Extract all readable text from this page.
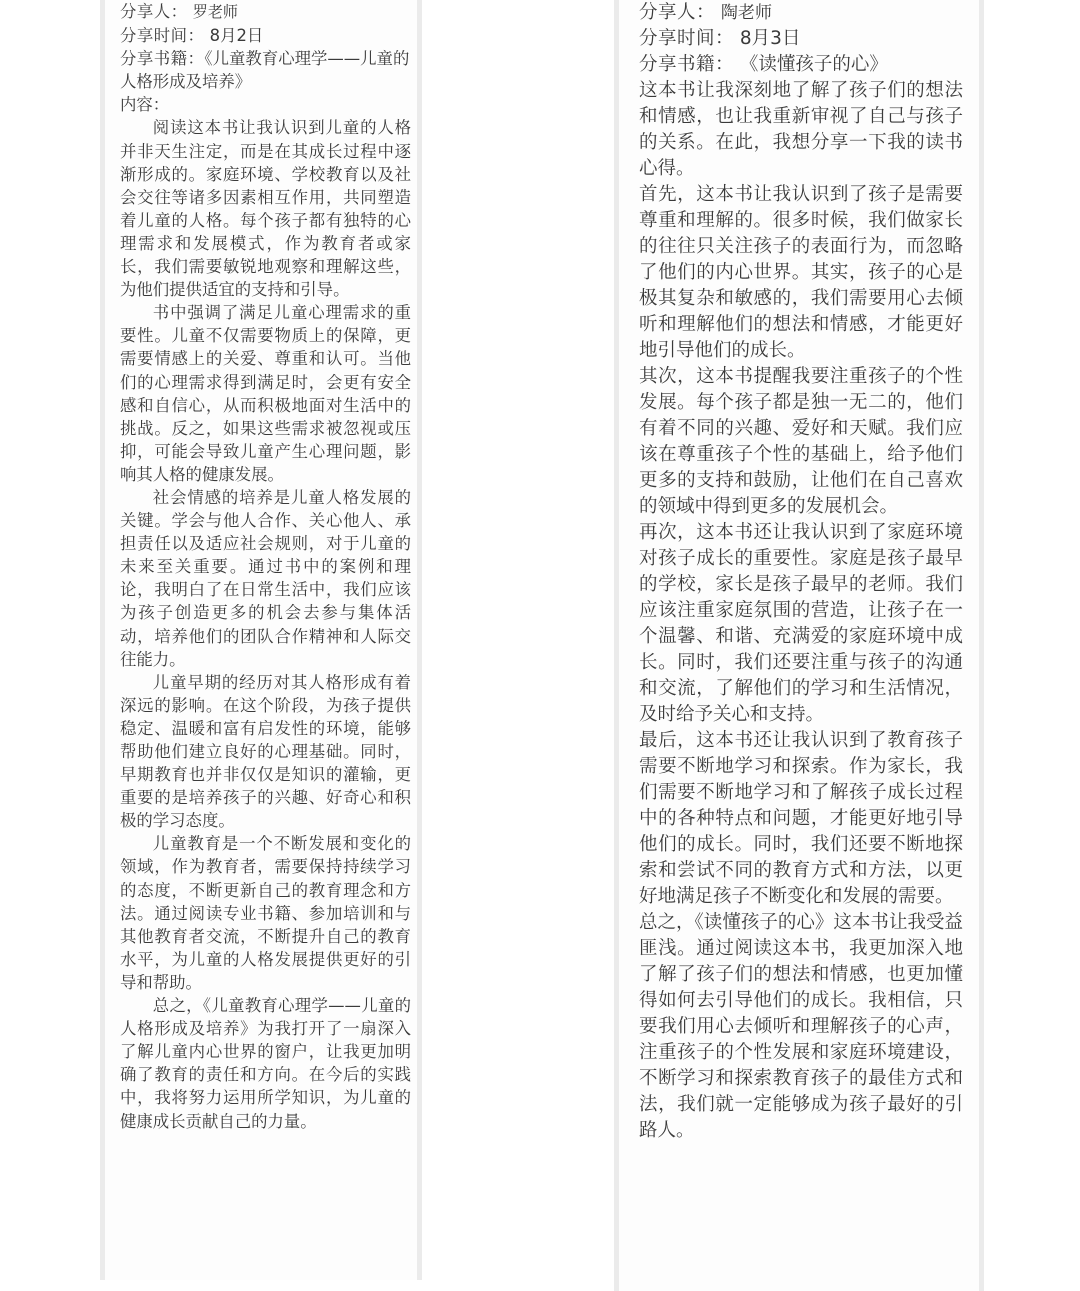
分享人： 罗老师

分享时间： 8月2日

分享书籍：《儿童教育心理学——儿童的人格形成及培养》

内容：

阅读这本书让我认识到儿童的人格并非天生注定，而是在其成长过程中逐渐形成的。家庭环境、学校教育以及社会交往等诸多因素相互作用，共同塑造着儿童的人格。每个孩子都有独特的心理需求和发展模式，作为教育者或家长，我们需要敏锐地观察和理解这些，为他们提供适宜的支持和引导。

书中强调了满足儿童心理需求的重要性。儿童不仅需要物质上的保障，更需要情感上的关爱、尊重和认可。当他们的心理需求得到满足时，会更有安全感和自信心，从而积极地面对生活中的挑战。反之，如果这些需求被忽视或压抑，可能会导致儿童产生心理问题，影响其人格的健康发展。

社会情感的培养是儿童人格发展的关键。学会与他人合作、关心他人、承担责任以及适应社会规则，对于儿童的未来至关重要。通过书中的案例和理论，我明白了在日常生活中，我们应该为孩子创造更多的机会去参与集体活动，培养他们的团队合作精神和人际交往能力。

儿童早期的经历对其人格形成有着深远的影响。在这个阶段，为孩子提供稳定、温暖和富有启发性的环境，能够帮助他们建立良好的心理基础。同时，早期教育也并非仅仅是知识的灌输，更重要的是培养孩子的兴趣、好奇心和积极的学习态度。

儿童教育是一个不断发展和变化的领域，作为教育者，需要保持持续学习的态度，不断更新自己的教育理念和方法。通过阅读专业书籍、参加培训和与其他教育者交流，不断提升自己的教育水平，为儿童的人格发展提供更好的引导和帮助。

总之，《儿童教育心理学——儿童的人格形成及培养》为我打开了一扇深入了解儿童内心世界的窗户，让我更加明确了教育的责任和方向。在今后的实践中，我将努力运用所学知识，为儿童的健康成长贡献自己的力量。

分享人： 陶老师

分享时间： 8月3日

分享书籍： 《读懂孩子的心》

这本书让我深刻地了解了孩子们的想法和情感，也让我重新审视了自己与孩子的关系。在此，我想分享一下我的读书心得。

首先，这本书让我认识到了孩子是需要尊重和理解的。很多时候，我们做家长的往往只关注孩子的表面行为，而忽略了他们的内心世界。其实，孩子的心是极其复杂和敏感的，我们需要用心去倾听和理解他们的想法和情感，才能更好地引导他们的成长。

其次，这本书提醒我要注重孩子的个性发展。每个孩子都是独一无二的，他们有着不同的兴趣、爱好和天赋。我们应该在尊重孩子个性的基础上，给予他们更多的支持和鼓励，让他们在自己喜欢的领域中得到更多的发展机会。

再次，这本书还让我认识到了家庭环境对孩子成长的重要性。家庭是孩子最早的学校，家长是孩子最早的老师。我们应该注重家庭氛围的营造，让孩子在一个温馨、和谐、充满爱的家庭环境中成长。同时，我们还要注重与孩子的沟通和交流，了解他们的学习和生活情况，及时给予关心和支持。

最后，这本书还让我认识到了教育孩子需要不断地学习和探索。作为家长，我们需要不断地学习和了解孩子成长过程中的各种特点和问题，才能更好地引导他们的成长。同时，我们还要不断地探索和尝试不同的教育方式和方法，以更好地满足孩子不断变化和发展的需要。

总之，《读懂孩子的心》这本书让我受益匪浅。通过阅读这本书，我更加深入地了解了孩子们的想法和情感，也更加懂得如何去引导他们的成长。我相信，只要我们用心去倾听和理解孩子的心声，注重孩子的个性发展和家庭环境建设，不断学习和探索教育孩子的最佳方式和法，我们就一定能够成为孩子最好的引路人。
